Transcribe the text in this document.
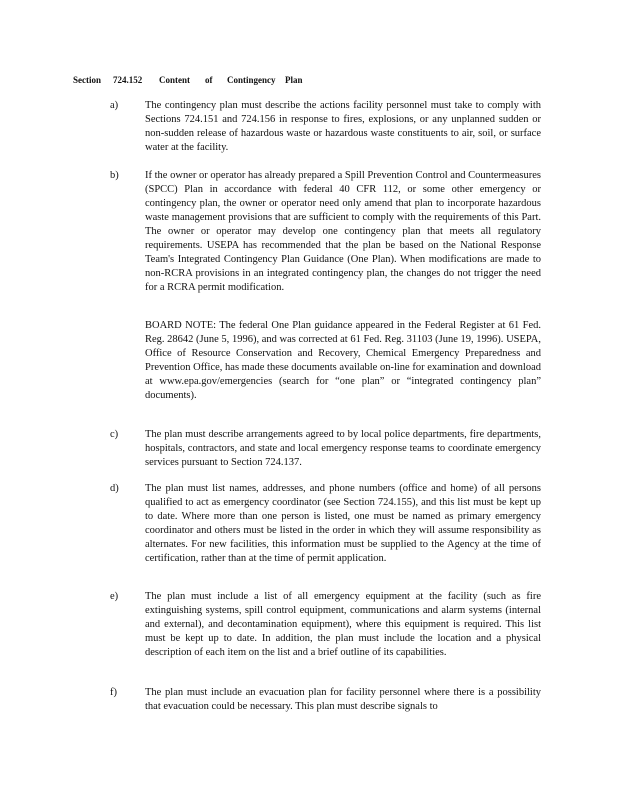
Section 724.152 Content of Contingency Plan
a)	The contingency plan must describe the actions facility personnel must take to comply with Sections 724.151 and 724.156 in response to fires, explosions, or any unplanned sudden or non-sudden release of hazardous waste or hazardous waste constituents to air, soil, or surface water at the facility.

b)	If the owner or operator has already prepared a Spill Prevention Control and Countermeasures (SPCC) Plan in accordance with federal 40 CFR 112, or some other emergency or contingency plan, the owner or operator need only amend that plan to incorporate hazardous waste management provisions that are sufficient to comply with the requirements of this Part. The owner or operator may develop one contingency plan that meets all regulatory requirements. USEPA has recommended that the plan be based on the National Response Team's Integrated Contingency Plan Guidance (One Plan). When modifications are made to non-RCRA provisions in an integrated contingency plan, the changes do not trigger the need for a RCRA permit modification.

BOARD NOTE: The federal One Plan guidance appeared in the Federal Register at 61 Fed. Reg. 28642 (June 5, 1996), and was corrected at 61 Fed. Reg. 31103 (June 19, 1996). USEPA, Office of Resource Conservation and Recovery, Chemical Emergency Preparedness and Prevention Office, has made these documents available on-line for examination and download at www.epa.gov/emergencies (search for “one plan” or “integrated contingency plan” documents).

c)	The plan must describe arrangements agreed to by local police departments, fire departments, hospitals, contractors, and state and local emergency response teams to coordinate emergency services pursuant to Section 724.137.

d)	The plan must list names, addresses, and phone numbers (office and home) of all persons qualified to act as emergency coordinator (see Section 724.155), and this list must be kept up to date. Where more than one person is listed, one must be named as primary emergency coordinator and others must be listed in the order in which they will assume responsibility as alternates. For new facilities, this information must be supplied to the Agency at the time of certification, rather than at the time of permit application.

e)	The plan must include a list of all emergency equipment at the facility (such as fire extinguishing systems, spill control equipment, communications and alarm systems (internal and external), and decontamination equipment), where this equipment is required. This list must be kept up to date. In addition, the plan must include the location and a physical description of each item on the list and a brief outline of its capabilities.

f)	The plan must include an evacuation plan for facility personnel where there is a possibility that evacuation could be necessary. This plan must describe signals to
